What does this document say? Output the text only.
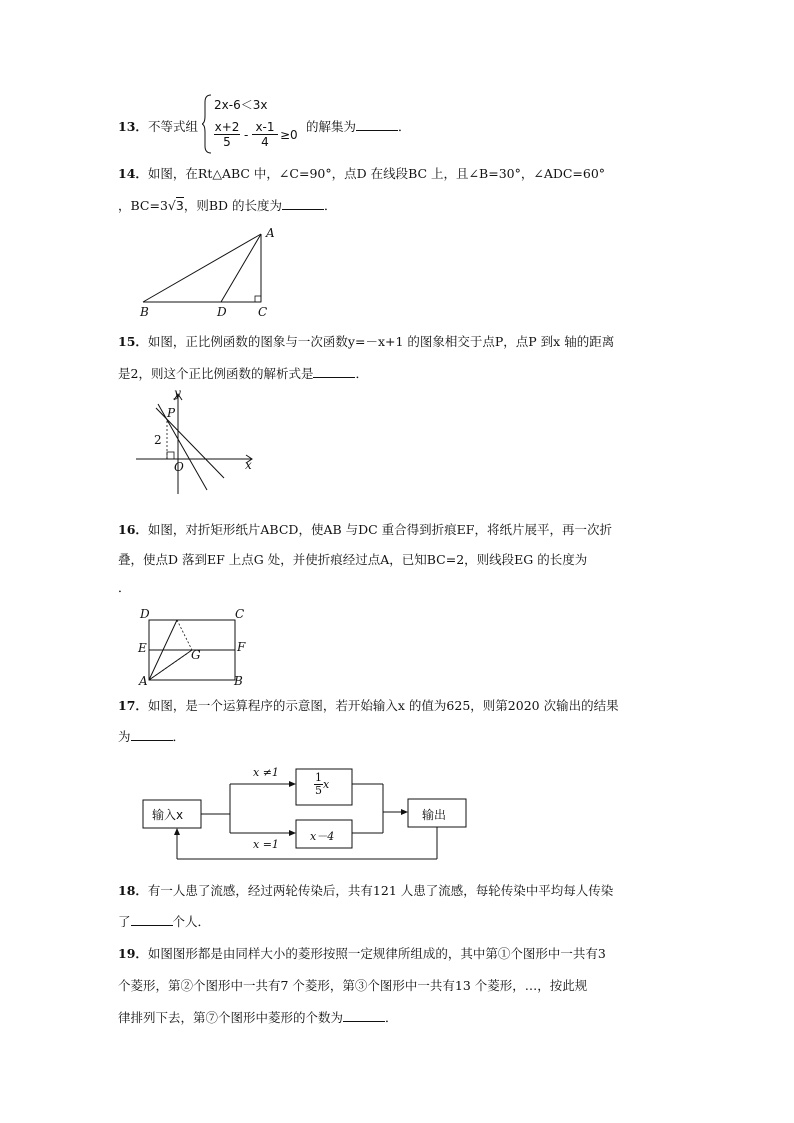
13． 不等式组
2x-6＜3x
$\frac{x+2}{5} - \frac{x-1}{4} \ge 0$
的解集为	．
14．如图，在Rt△ABC 中，∠C=90°，点D 在线段BC 上，且∠B=30°，∠ADC=60°
，BC=3√3，则BD 的长度为	．
A
B	D	C
15．如图，正比例函数的图象与一次函数y=－x+1 的图象相交于点P，点P 到x 轴的距离
是2，则这个正比例函数的解析式是	．
y
P
2
O	x
16．如图，对折矩形纸片ABCD，使AB 与DC 重合得到折痕EF，将纸片展平，再一次折
叠，使点D 落到EF 上点G 处，并使折痕经过点A，已知BC=2，则线段EG 的长度为
．
D	C
E	G
F
A	B
17．如图，是一个运算程序的示意图，若开始输入x 的值为625，则第2020 次输出的结果
为	．
输入x
x ≠1
x =1
$\frac{1}{5}$ x
x－4
输出
18．有一人患了流感，经过两轮传染后，共有121 人患了流感，每轮传染中平均每人传染
了	个人．
19．如图图形都是由同样大小的菱形按照一定规律所组成的，其中第①个图形中一共有3
个菱形，第②个图形中一共有7 个菱形，第③个图形中一共有13 个菱形，…，按此规
律排列下去，第⑦个图形中菱形的个数为	．
